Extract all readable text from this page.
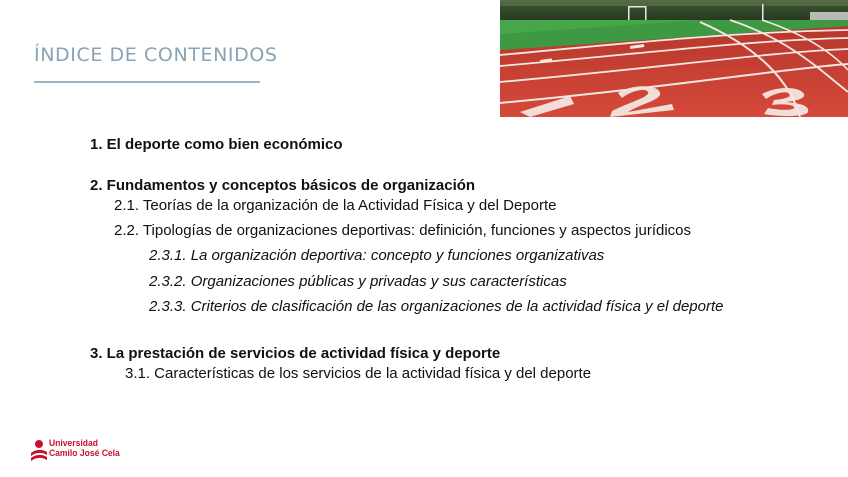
ÍNDICE DE CONTENIDOS
1. El deporte como bien económico
2. Fundamentos y conceptos básicos de organización
2.1. Teorías de la organización de la Actividad Física y del Deporte
2.2. Tipologías de organizaciones deportivas: definición, funciones y aspectos jurídicos
2.3.1. La organización deportiva: concepto y funciones organizativas
2.3.2. Organizaciones públicas y privadas y sus características
2.3.3. Criterios de clasificación de las organizaciones de la actividad física y el deporte
3. La prestación de servicios de actividad física y deporte
3.1. Características de los servicios de la actividad física y del deporte
Universidad
Camilo José Cela
